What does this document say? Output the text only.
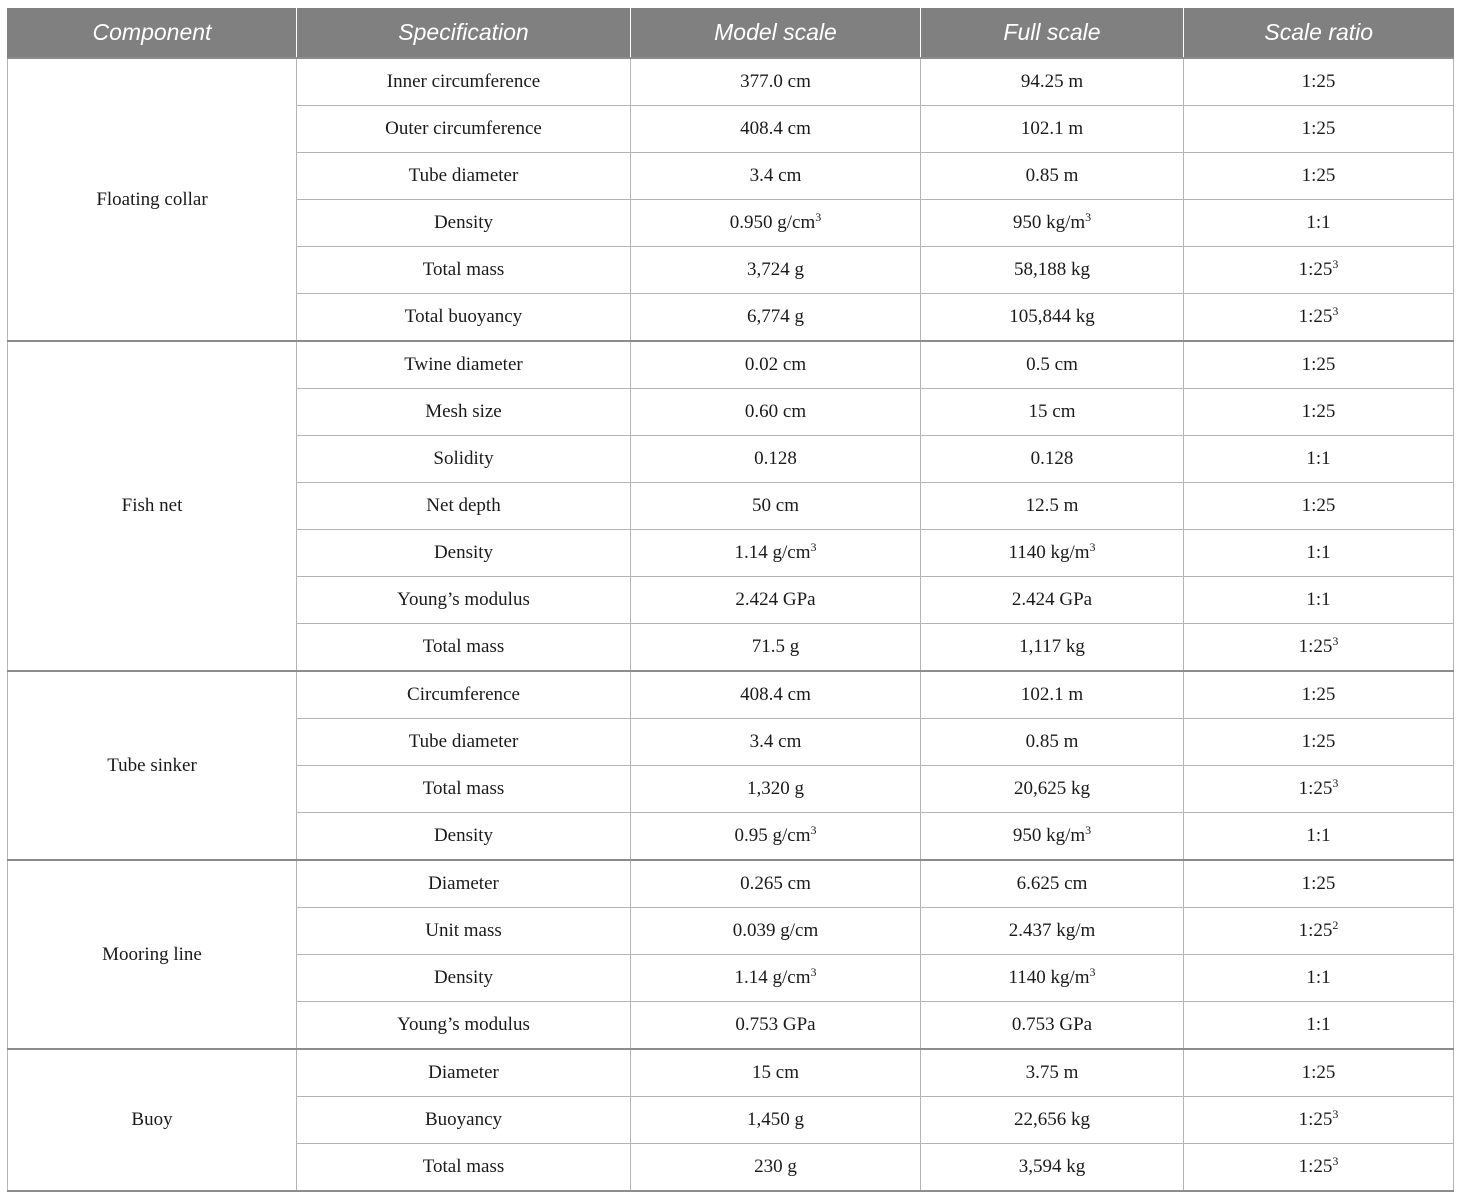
Component	Specification	Model scale	Full scale	Scale ratio
Floating collar	Inner circumference	377.0 cm	94.25 m	1:25
	Outer circumference	408.4 cm	102.1 m	1:25
	Tube diameter	3.4 cm	0.85 m	1:25
	Density	0.950 $g/cm^3$	950 $kg/m^3$	1:1
	Total mass	3,724 g	58,188 kg	$1:25^3$
	Total buoyancy	6,774 g	105,844 kg	$1:25^3$
Fish net	Twine diameter	0.02 cm	0.5 cm	1:25
	Mesh size	0.60 cm	15 cm	1:25
	Solidity	0.128	0.128	1:1
	Net depth	50 cm	12.5 m	1:25
	Density	1.14 $g/cm^3$	1140 $kg/m^3$	1:1
	Young’s modulus	2.424 GPa	2.424 GPa	1:1
	Total mass	71.5 g	1,117 kg	$1:25^3$
Tube sinker	Circumference	408.4 cm	102.1 m	1:25
	Tube diameter	3.4 cm	0.85 m	1:25
	Total mass	1,320 g	20,625 kg	$1:25^3$
	Density	0.95 $g/cm^3$	950 $kg/m^3$	1:1
Mooring line	Diameter	0.265 cm	6.625 cm	1:25
	Unit mass	0.039 g/cm	2.437 kg/m	$1:25^2$
	Density	1.14 $g/cm^3$	1140 $kg/m^3$	1:1
	Young’s modulus	0.753 GPa	0.753 GPa	1:1
Buoy	Diameter	15 cm	3.75 m	1:25
	Buoyancy	1,450 g	22,656 kg	$1:25^3$
	Total mass	230 g	3,594 kg	$1:25^3$
